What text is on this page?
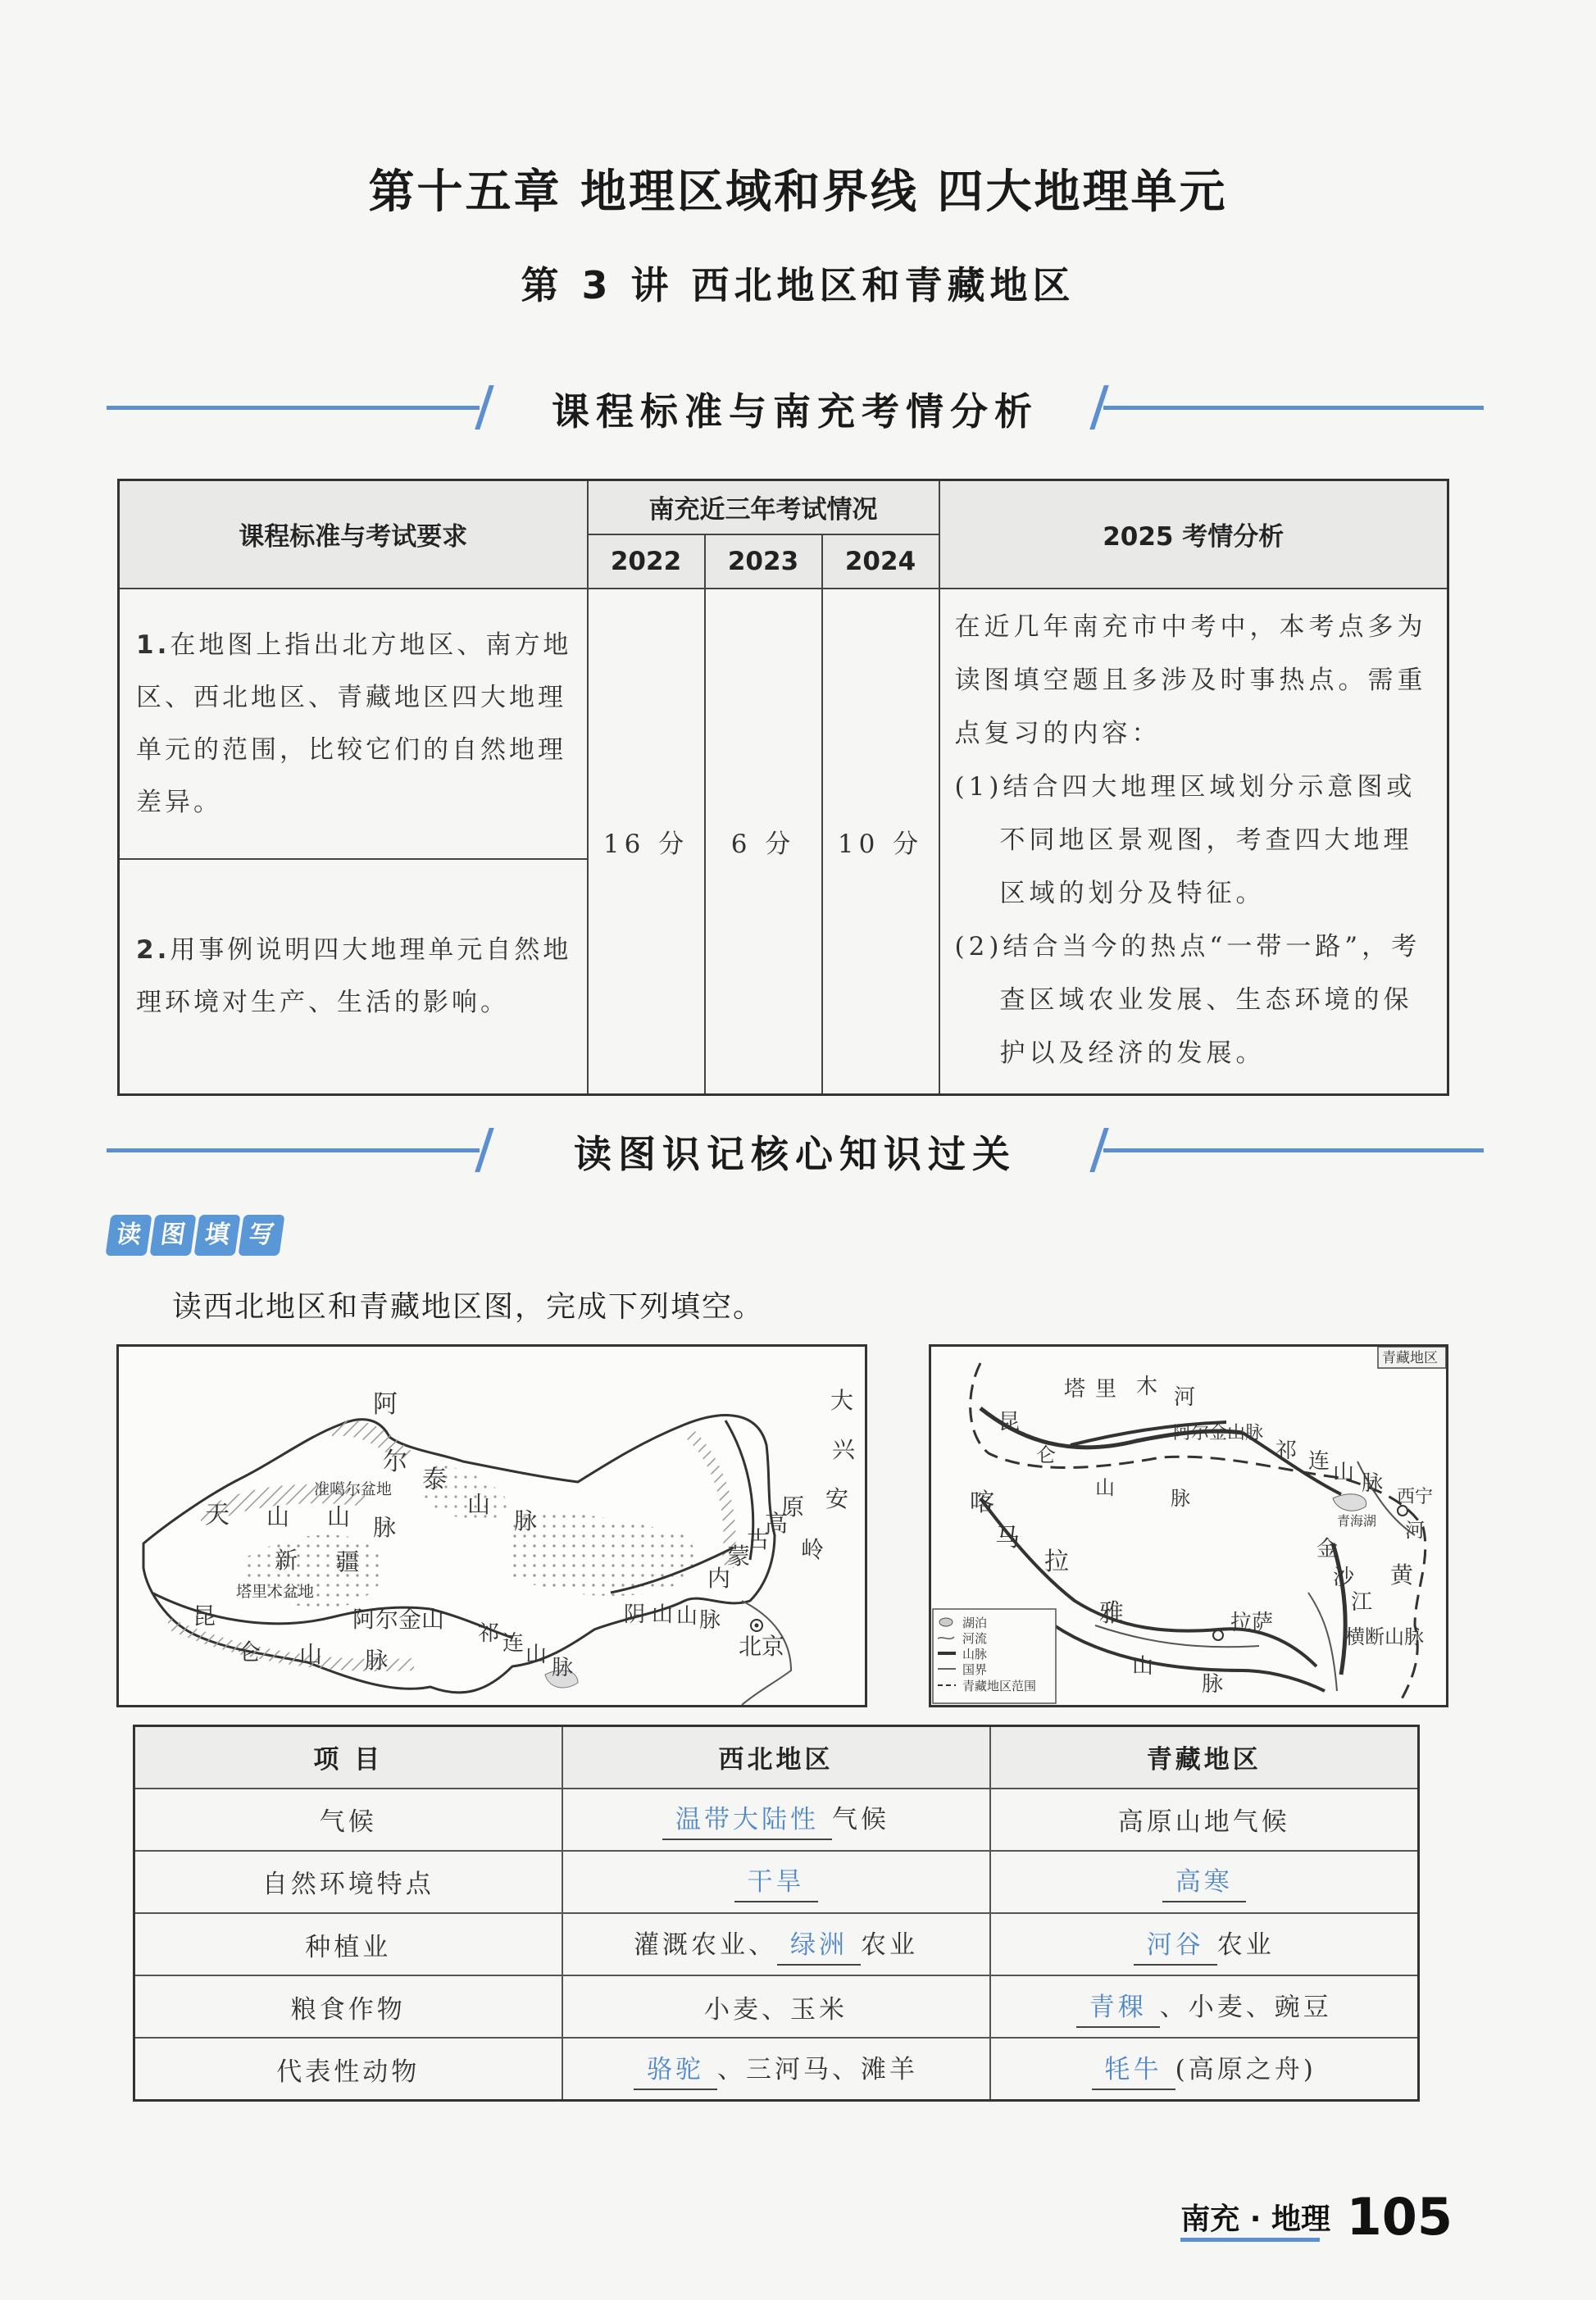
第十五章 地理区域和界线 四大地理单元
第 3 讲 西北地区和青藏地区
课程标准与南充考情分析
课程标准与考试要求	南充近三年考试情况			2025 考情分析
	2022	2023	2024	
1.在地图上指出北方地区、南方地区、西北地区、青藏地区四大地理单元的范围，比较它们的自然地理差异。	16 分	6 分	10 分	在近几年南充市中考中，本考点多为读图填空题且多涉及时事热点。需重点复习的内容：
(1)结合四大地理区域划分示意图或不同地区景观图，考查四大地理区域的划分及特征。
(2)结合当今的热点“一带一路”，考查区域农业发展、生态环境的保护以及经济的发展。

2.用事例说明四大地理单元自然地理环境对生产、生活的影响。				
读图识记核心知识过关
读 图 填 写
读西北地区和青藏地区图，完成下列填空。
阿
尔
泰
山
脉
天 山 山 脉
准噶尔盆地
新 疆
塔里木盆地
昆
仑 山 脉
阿尔金山
祁 连 山
脉
阴 山 山 脉
内
蒙
古
高
原
大
兴
安
岭
北京
青藏地区
塔 里 木 河
阿尔金山脉
祁 连 山 脉
西宁
青海湖 河
昆
仑
山	脉
喀
马
拉	金
沙
江
黄
雅	拉萨
横断山脉
山
脉
湖泊
河流
山脉
国界
青藏地区范围
项 目	西北地区	青藏地区
气候	温带大陆性 气候	高原山地气候
自然环境特点	干旱	高寒
种植业	灌溉农业、 绿洲 农业	河谷 农业
粮食作物	小麦、玉米	青稞 、小麦、豌豆
代表性动物	骆驼 、三河马、滩羊	牦牛 (高原之舟)
南充 · 地理 105
